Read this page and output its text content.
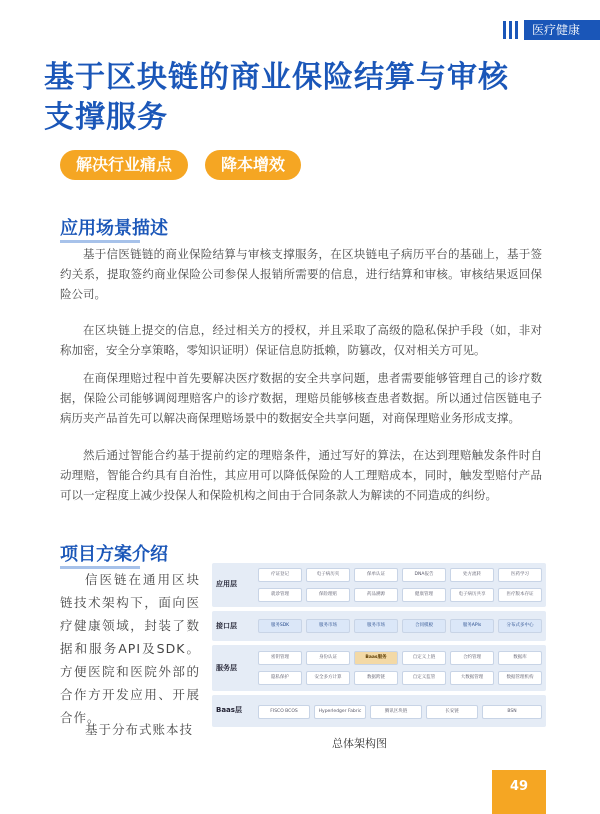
医疗健康
基于区块链的商业保险结算与审核
支撑服务
解决行业痛点	降本增效
应用场景描述

基于信医链链的商业保险结算与审核支撑服务，在区块链电子病历平台的基础上，基于签约关系，提取签约商业保险公司参保人报销所需要的信息，进行结算和审核。审核结果返回保险公司。

在区块链上提交的信息，经过相关方的授权，并且采取了高级的隐私保护手段（如，非对称加密，安全分享策略，零知识证明）保证信息防抵赖，防篡改，仅对相关方可见。

在商保理赔过程中首先要解决医疗数据的安全共享问题，患者需要能够管理自己的诊疗数据，保险公司能够调阅理赔客户的诊疗数据，理赔员能够核查患者数据。所以通过信医链电子病历夹产品首先可以解决商保理赔场景中的数据安全共享问题，对商保理赔业务形成支撑。

然后通过智能合约基于提前约定的理赔条件，通过写好的算法，在达到理赔触发条件时自动理赔，智能合约具有自治性，其应用可以降低保险的人工理赔成本，同时，触发型赔付产品可以一定程度上减少投保人和保险机构之间由于合同条款人为解读的不同造成的纠纷。

项目方案介绍

信医链在通用区块链技术架构下，面向医疗健康领域，封装了数据和服务API及SDK。方便医院和医院外部的合作方开发应用、开展合作。

基于分布式账本技

应用层
疗证登记	电子病历夹	保单认证	DNA报告	处方流转	医药学习
就诊管理	保险理赔	药品溯源	健康管理	电子病历共享	医疗版本存证
接口层	服务SDK	服务市场	服务市场	合同模板	服务APIs	分布式多中心
服务层
密钥管理	身份认证	Baas服务	自定义上链	合约管理	数据库
隐私保护	安全多方计算	数据跨链	自定义监管	大数据管理	数据管理机构
Baas层	FISCO BCOS	Hyperledger Fabric	腾讯区块链	长安链	BSN
总体架构图
49
